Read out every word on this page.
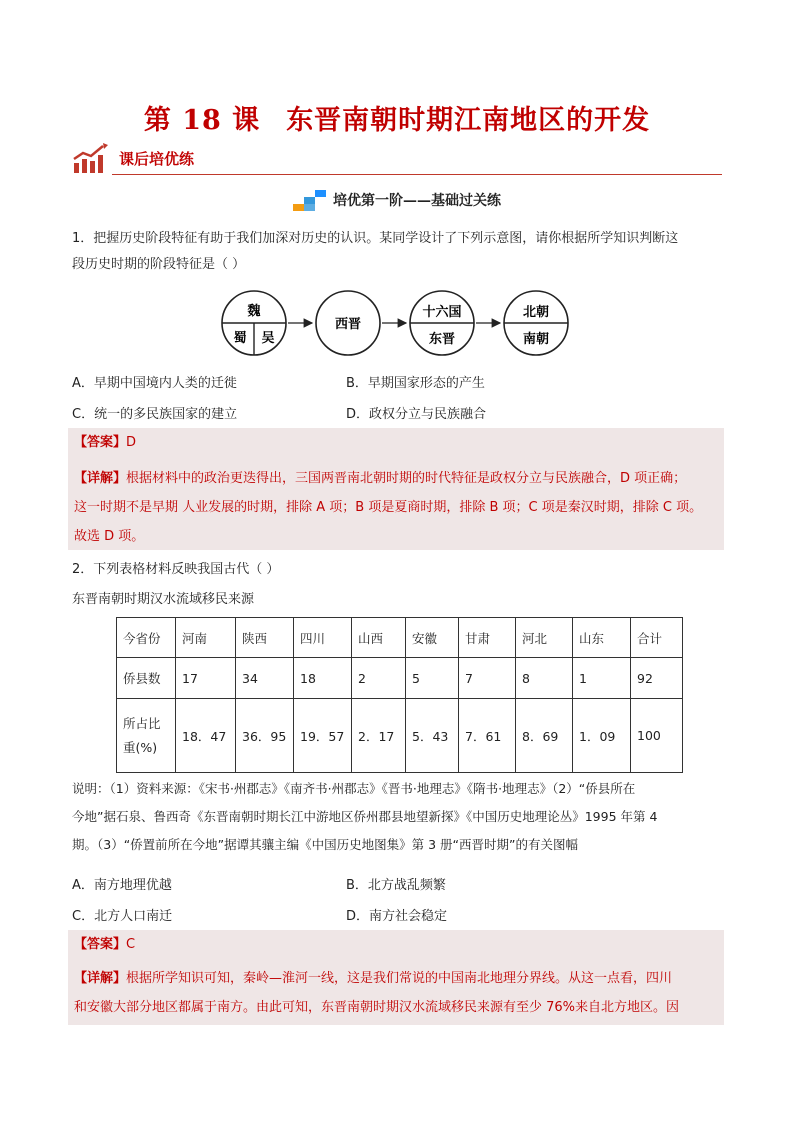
第 18 课 东晋南朝时期江南地区的开发
课后培优练
培优第一阶——基础过关练
1．把握历史阶段特征有助于我们加深对历史的认识。某同学设计了下列示意图，请你根据所学知识判断这
段历史时期的阶段特征是（ ）
魏
蜀 吴
西晋
十六国
东晋
北朝
南朝
A．早期中国境内人类的迁徙	B．早期国家形态的产生
C．统一的多民族国家的建立	D．政权分立与民族融合
【答案】D
【详解】根据材料中的政治更迭得出，三国两晋南北朝时期的时代特征是政权分立与民族融合，D 项正确；
这一时期不是早期 人业发展的时期，排除 A 项；B 项是夏商时期，排除 B 项；C 项是秦汉时期，排除 C 项。
故选 D 项。
2．下列表格材料反映我国古代（ ）
东晋南朝时期汉水流域移民来源
今省份	河南	陕西	四川	山西	安徽	甘肃	河北	山东	合计
侨县数	17	34	18	2	5	7	8	1	92

所占比
重(%)	18．47	36．95	19．57	2．17	5．43	7．61	8．69	1．09	100
说明：（1）资料来源：《宋书·州郡志》《南齐书·州郡志》《晋书·地理志》《隋书·地理志》（2）“侨县所在
今地”据石泉、鲁西奇《东晋南朝时期长江中游地区侨州郡县地望新探》《中国历史地理论丛》1995 年第 4
期。（3）“侨置前所在今地”据谭其骧主编《中国历史地图集》第 3 册“西晋时期”的有关图幅
A．南方地理优越	B．北方战乱频繁
C．北方人口南迁	D．南方社会稳定
【答案】C
【详解】根据所学知识可知，秦岭—淮河一线，这是我们常说的中国南北地理分界线。从这一点看，四川
和安徽大部分地区都属于南方。由此可知，东晋南朝时期汉水流域移民来源有至少 76%来自北方地区。因
